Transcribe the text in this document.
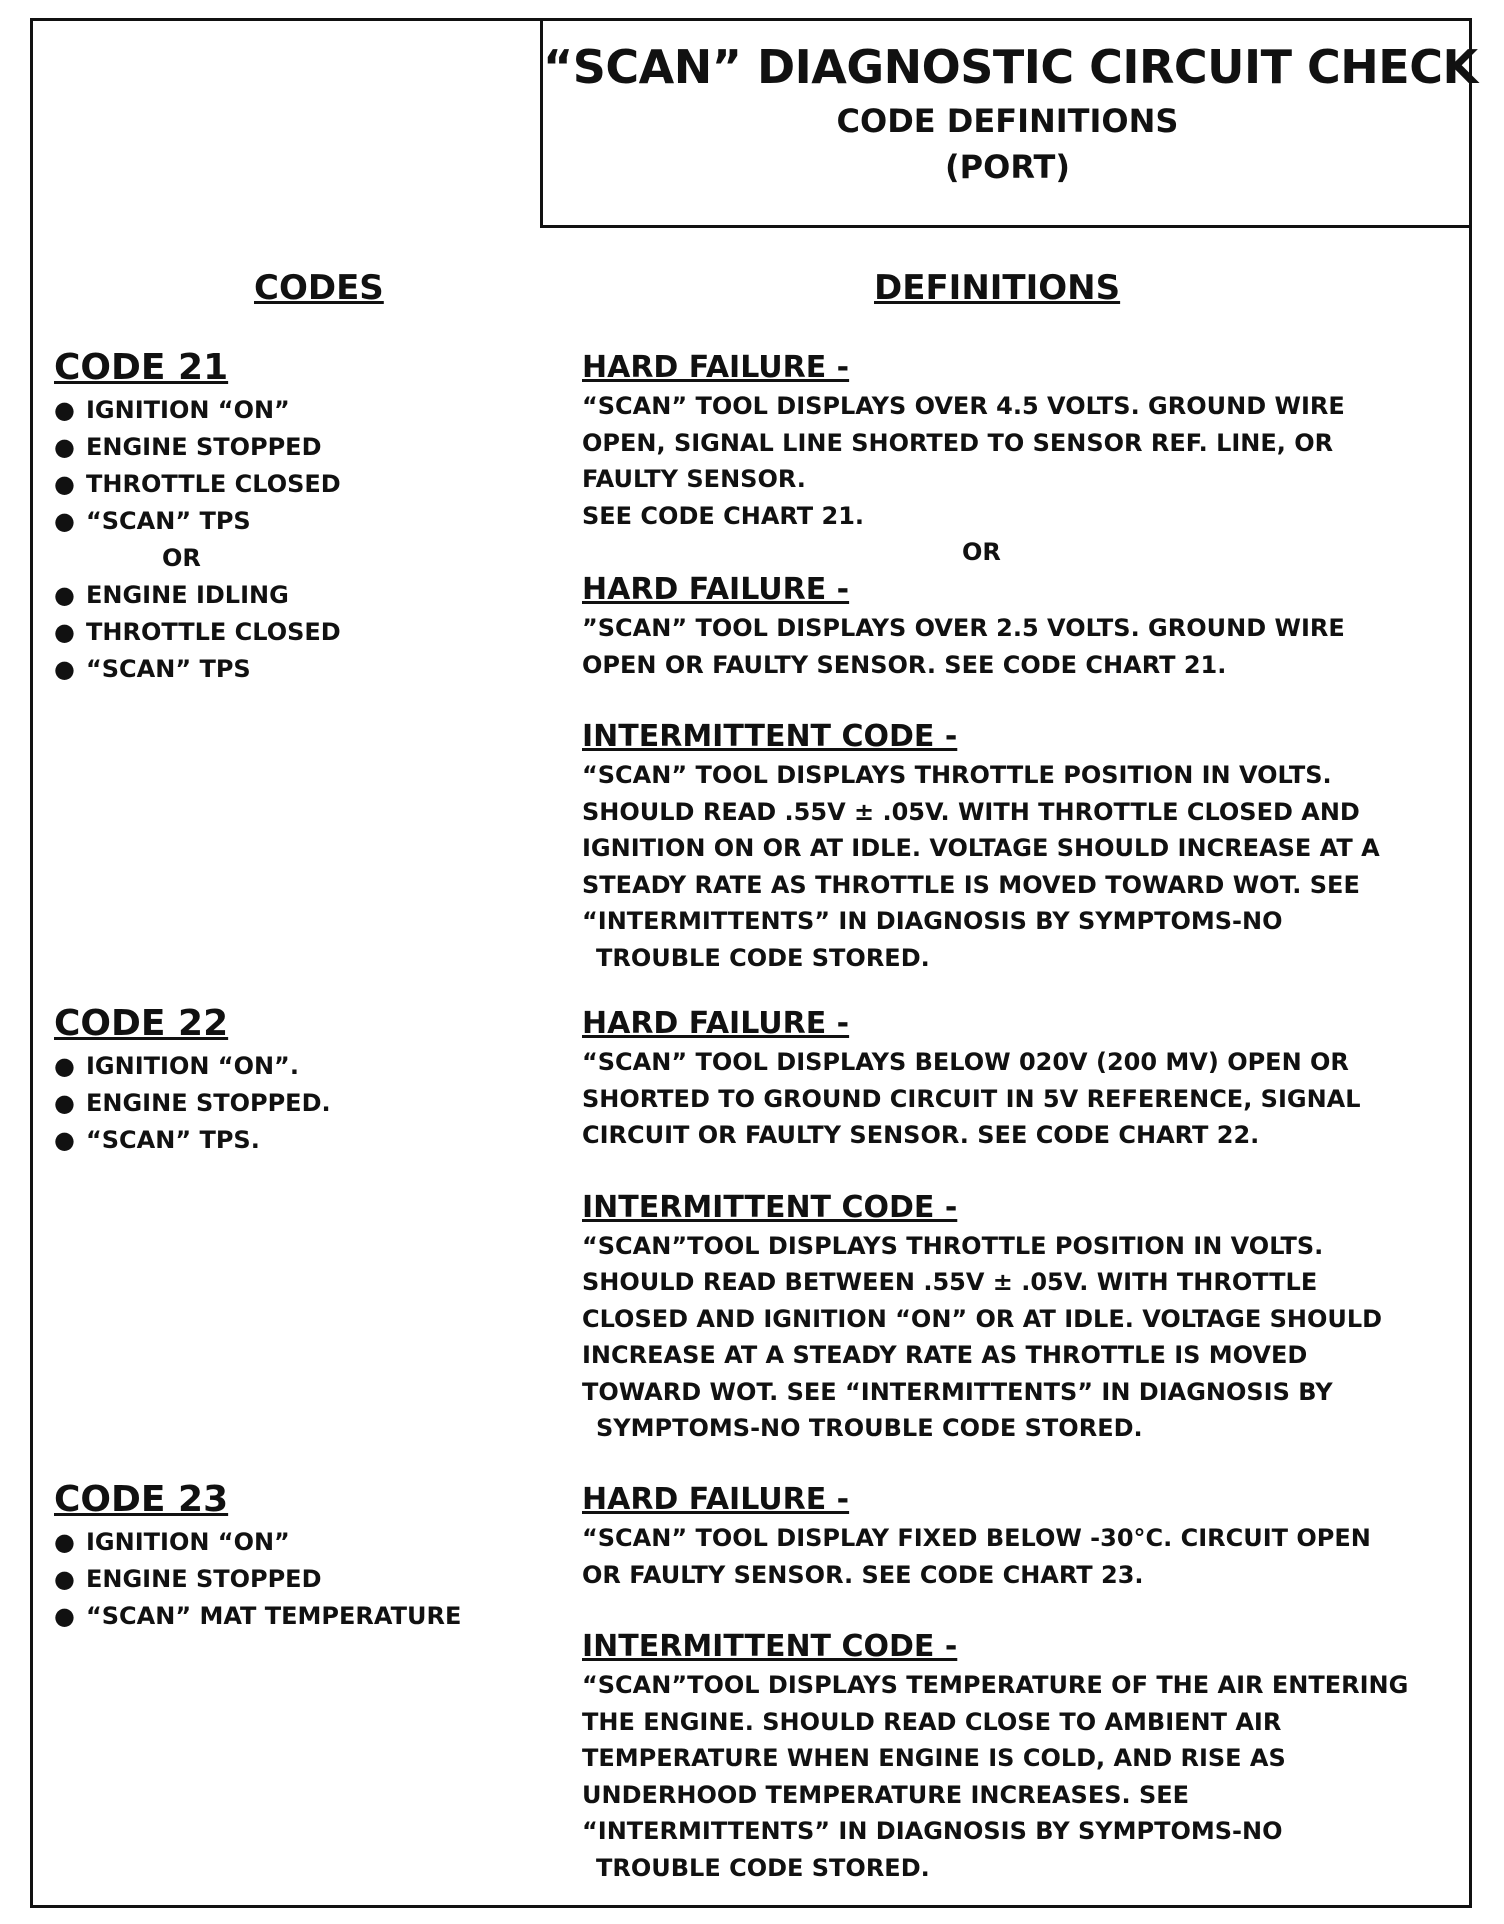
“SCAN” DIAGNOSTIC CIRCUIT CHECK
CODE DEFINITIONS
(PORT)
CODES	DEFINITIONS
CODE 21
● IGNITION “ON”
● ENGINE STOPPED
● THROTTLE CLOSED
● “SCAN” TPS
OR
● ENGINE IDLING
● THROTTLE CLOSED
● “SCAN” TPS
HARD FAILURE -
“SCAN” TOOL DISPLAYS OVER 4.5 VOLTS. GROUND WIRE
OPEN, SIGNAL LINE SHORTED TO SENSOR REF. LINE, OR
FAULTY SENSOR.
SEE CODE CHART 21.
OR
HARD FAILURE -
”SCAN” TOOL DISPLAYS OVER 2.5 VOLTS. GROUND WIRE
OPEN OR FAULTY SENSOR. SEE CODE CHART 21.
INTERMITTENT CODE -
“SCAN” TOOL DISPLAYS THROTTLE POSITION IN VOLTS.
SHOULD READ .55V ± .05V. WITH THROTTLE CLOSED AND
IGNITION ON OR AT IDLE. VOLTAGE SHOULD INCREASE AT A
STEADY RATE AS THROTTLE IS MOVED TOWARD WOT. SEE
“INTERMITTENTS” IN DIAGNOSIS BY SYMPTOMS-NO
TROUBLE CODE STORED.
CODE 22
● IGNITION “ON”.
● ENGINE STOPPED.
● “SCAN” TPS.
HARD FAILURE -
“SCAN” TOOL DISPLAYS BELOW 020V (200 MV) OPEN OR
SHORTED TO GROUND CIRCUIT IN 5V REFERENCE, SIGNAL
CIRCUIT OR FAULTY SENSOR. SEE CODE CHART 22.
INTERMITTENT CODE -
“SCAN”TOOL DISPLAYS THROTTLE POSITION IN VOLTS.
SHOULD READ BETWEEN .55V ± .05V. WITH THROTTLE
CLOSED AND IGNITION “ON” OR AT IDLE. VOLTAGE SHOULD
INCREASE AT A STEADY RATE AS THROTTLE IS MOVED
TOWARD WOT. SEE “INTERMITTENTS” IN DIAGNOSIS BY
SYMPTOMS-NO TROUBLE CODE STORED.
CODE 23
● IGNITION “ON”
● ENGINE STOPPED
● “SCAN” MAT TEMPERATURE
HARD FAILURE -
“SCAN” TOOL DISPLAY FIXED BELOW -30°C. CIRCUIT OPEN
OR FAULTY SENSOR. SEE CODE CHART 23.
INTERMITTENT CODE -
“SCAN”TOOL DISPLAYS TEMPERATURE OF THE AIR ENTERING
THE ENGINE. SHOULD READ CLOSE TO AMBIENT AIR
TEMPERATURE WHEN ENGINE IS COLD, AND RISE AS
UNDERHOOD TEMPERATURE INCREASES. SEE
“INTERMITTENTS” IN DIAGNOSIS BY SYMPTOMS-NO
TROUBLE CODE STORED.
